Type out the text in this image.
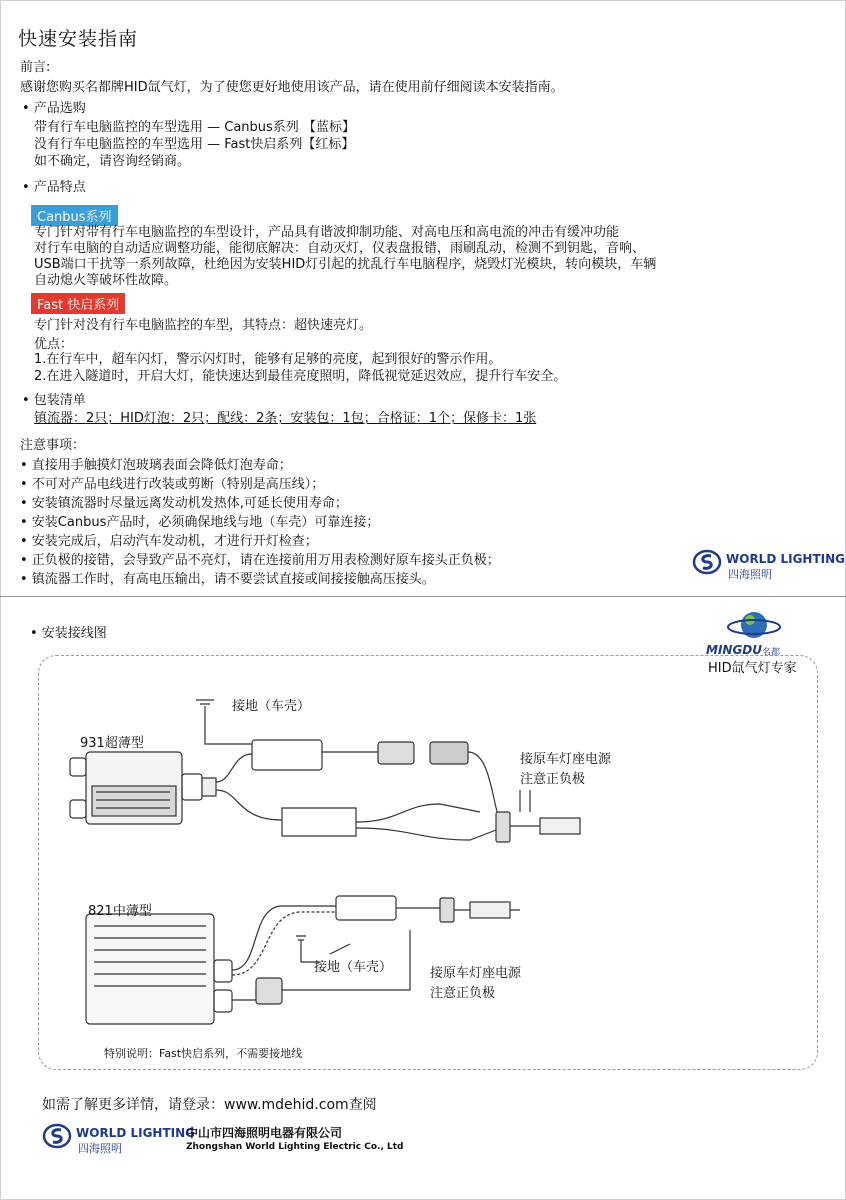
快速安装指南
前言:
感谢您购买名都牌HID氙气灯，为了使您更好地使用该产品，请在使用前仔细阅读本安装指南。
• 产品选购
带有行车电脑监控的车型选用 — Canbus系列 【蓝标】
没有行车电脑监控的车型选用 — Fast快启系列【红标】
如不确定，请咨询经销商。
• 产品特点
Canbus系列
专门针对带有行车电脑监控的车型设计，产品具有谐波抑制功能、对高电压和高电流的冲击有缓冲功能
对行车电脑的自动适应调整功能，能彻底解决：自动灭灯，仪表盘报错，雨刷乱动，检测不到钥匙，音响、
USB端口干扰等一系列故障，杜绝因为安装HID灯引起的扰乱行车电脑程序，烧毁灯光模块，转向模块，车辆
自动熄火等破坏性故障。
Fast 快启系列
专门针对没有行车电脑监控的车型，其特点：超快速亮灯。
优点：
1.在行车中，超车闪灯，警示闪灯时，能够有足够的亮度，起到很好的警示作用。
2.在进入隧道时，开启大灯，能快速达到最佳亮度照明，降低视觉延迟效应，提升行车安全。
• 包装清单
镇流器：2只；HID灯泡：2只；配线：2条；安装包：1包；合格证：1个；保修卡：1张
注意事项：
• 直接用手触摸灯泡玻璃表面会降低灯泡寿命；
• 不可对产品电线进行改装或剪断（特别是高压线）；
• 安装镇流器时尽量远离发动机发热体,可延长使用寿命；
• 安装Canbus产品时，必须确保地线与地（车壳）可靠连接；
• 安装完成后，启动汽车发动机，才进行开灯检查；
• 正负极的接错，会导致产品不亮灯，请在连接前用万用表检测好原车接头正负极；
• 镇流器工作时，有高电压输出，请不要尝试直接或间接接触高压接头。
WORLD LIGHTING
四海照明
• 安装接线图
MINGDU 名都
HID氙气灯专家
接地（车壳）
931超薄型
接原车灯座电源
注意正负极
821中薄型
接地（车壳）	接原车灯座电源
注意正负极
特别说明：Fast快启系列，不需要接地线
如需了解更多详情，请登录：www.mdehid.com查阅
WORLD LIGHTING
四海照明
中山市四海照明电器有限公司
Zhongshan World Lighting Electric Co., Ltd
